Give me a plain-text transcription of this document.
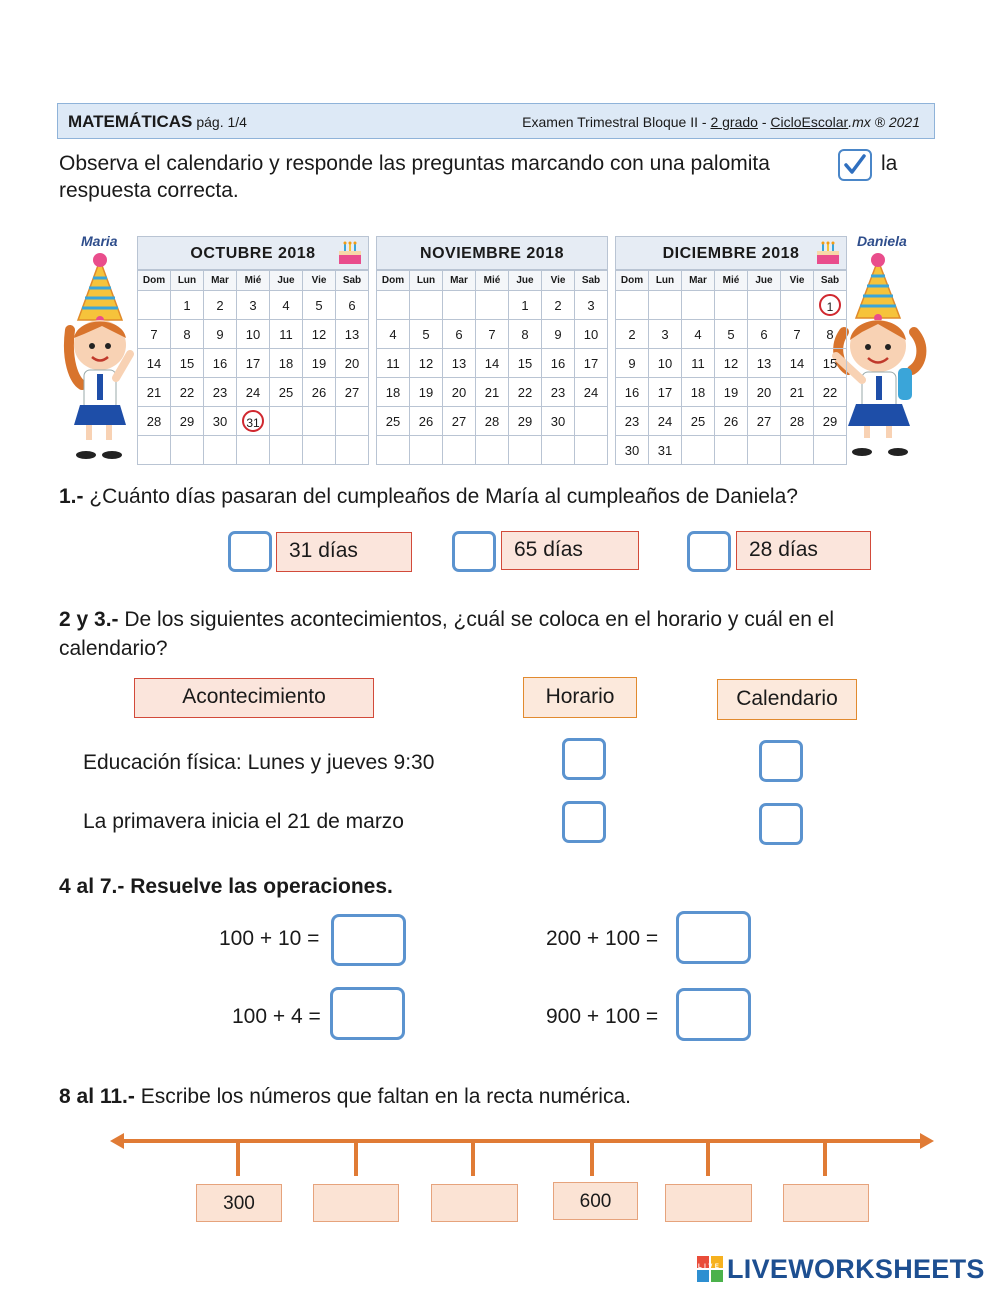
MATEMÁTICAS pág. 1/4	Examen Trimestral Bloque II - 2 grado - CicloEscolar.mx ® 2021
Observa el calendario y responde las preguntas marcando con una palomita	la
respuesta correcta.
Maria	Daniela
OCTUBRE 2018
Dom	Lun	Mar	Mié	Jue	Vie	Sab
	1	2	3	4	5	6
7	8	9	10	11	12	13
14	15	16	17	18	19	20
21	22	23	24	25	26	27
28	29	30	31			

NOVIEMBRE 2018
Dom	Lun	Mar	Mié	Jue	Vie	Sab
				1	2	3
4	5	6	7	8	9	10
11	12	13	14	15	16	17
18	19	20	21	22	23	24
25	26	27	28	29	30	

DICIEMBRE 2018
Dom	Lun	Mar	Mié	Jue	Vie	Sab
						1
2	3	4	5	6	7	8
9	10	11	12	13	14	15
16	17	18	19	20	21	22
23	24	25	26	27	28	29
30	31					
1.- ¿Cuánto días pasaran del cumpleaños de María al cumpleaños de Daniela?
31 días	65 días	28 días
2 y 3.- De los siguientes acontecimientos, ¿cuál se coloca en el horario y cuál en el
calendario?
Acontecimiento	Horario	Calendario
Educación física: Lunes y jueves 9:30
La primavera inicia el 21 de marzo
4 al 7.- Resuelve las operaciones.
100 + 10 =	200 + 100 =
100 + 4 =	900 + 100 =
8 al 11.- Escribe los números que faltan en la recta numérica.
300	600
LIVE LIVEWORKSHEETS
